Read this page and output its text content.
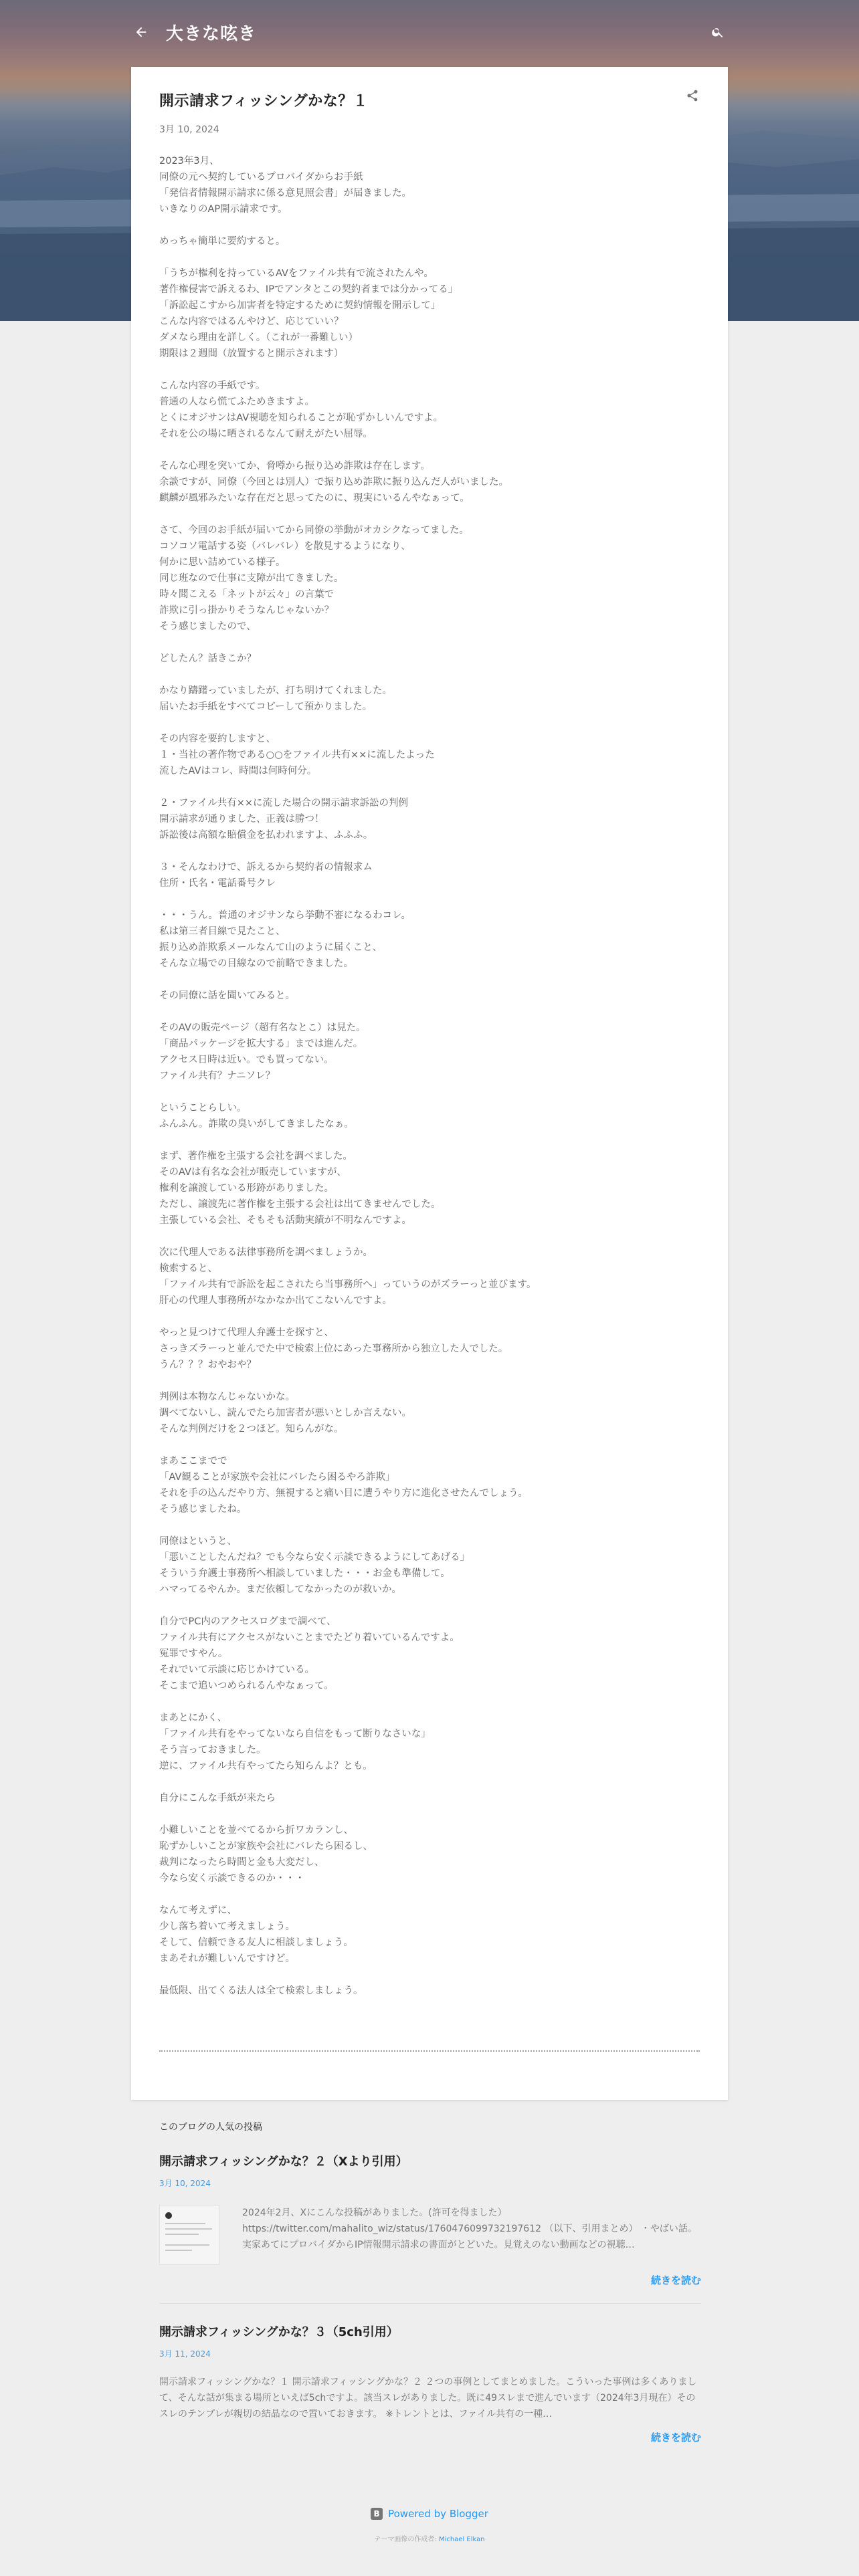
大きな呟き
開示請求フィッシングかな？１
3月 10, 2024
2023年3月、
同僚の元へ契約しているプロバイダからお手紙
「発信者情報開示請求に係る意見照会書」が届きました。
いきなりのAP開示請求です。

めっちゃ簡単に要約すると。

「うちが権利を持っているAVをファイル共有で流されたんや。
著作権侵害で訴えるわ、IPでアンタとこの契約者までは分かってる」
「訴訟起こすから加害者を特定するために契約情報を開示して」
こんな内容ではるんやけど、応じていい？
ダメなら理由を詳しく。（これが一番難しい）
期限は２週間（放置すると開示されます）

こんな内容の手紙です。
普通の人なら慌てふためきますよ。
とくにオジサンはAV視聴を知られることが恥ずかしいんですよ。
それを公の場に晒されるなんて耐えがたい屈辱。

そんな心理を突いてか、脅噂から振り込め詐欺は存在します。
余談ですが、同僚（今回とは別人）で振り込め詐欺に振り込んだ人がいました。
麒麟が風邪みたいな存在だと思ってたのに、現実にいるんやなぁって。

さて、今回のお手紙が届いてから同僚の挙動がオカシクなってました。
コソコソ電話する姿（バレバレ）を散見するようになり、
何かに思い詰めている様子。
同じ班なので仕事に支障が出てきました。
時々聞こえる「ネットが云々」の言葉で
詐欺に引っ掛かりそうなんじゃないか？
そう感じましたので、

どしたん？話きこか？

かなり躊躇っていましたが、打ち明けてくれました。
届いたお手紙をすべてコピーして預かりました。

その内容を要約しますと、
１・当社の著作物である○○をファイル共有××に流したよった
流したAVはコレ、時間は何時何分。

２・ファイル共有××に流した場合の開示請求訴訟の判例
開示請求が通りました、正義は勝つ！
訴訟後は高額な賠償金を払われますよ、ふふふ。

３・そんなわけで、訴えるから契約者の情報求ム
住所・氏名・電話番号クレ

・・・うん。普通のオジサンなら挙動不審になるわコレ。
私は第三者目線で見たこと、
振り込め詐欺系メールなんて山のように届くこと、
そんな立場での目線なので前略できました。

その同僚に話を聞いてみると。

そのAVの販売ページ（超有名なとこ）は見た。
「商品パッケージを拡大する」までは進んだ。
アクセス日時は近い。でも買ってない。
ファイル共有？ナニソレ？

ということらしい。
ふんふん。詐欺の臭いがしてきましたなぁ。

まず、著作権を主張する会社を調べました。
そのAVは有名な会社が販売していますが、
権利を譲渡している形跡がありました。
ただし、譲渡先に著作権を主張する会社は出てきませんでした。
主張している会社、そもそも活動実績が不明なんですよ。

次に代理人である法律事務所を調べましょうか。
検索すると、
「ファイル共有で訴訟を起こされたら当事務所へ」っていうのがズラーっと並びます。
肝心の代理人事務所がなかなか出てこないんですよ。

やっと見つけて代理人弁護士を探すと、
さっきズラーっと並んでた中で検索上位にあった事務所から独立した人でした。
うん？？？おやおや？

判例は本物なんじゃないかな。
調べてないし、読んでたら加害者が悪いとしか言えない。
そんな判例だけを２つほど。知らんがな。

まあここまでで
「AV観ることが家族や会社にバレたら困るやろ詐欺」
それを手の込んだやり方、無視すると痛い目に遭うやり方に進化させたんでしょう。
そう感じましたね。

同僚はというと、
「悪いことしたんだね？でも今なら安く示談できるようにしてあげる」
そういう弁護士事務所へ相談していました・・・お金も準備して。
ハマってるやんか。まだ依頼してなかったのが救いか。

自分でPC内のアクセスログまで調べて、
ファイル共有にアクセスがないことまでたどり着いているんですよ。
冤罪ですやん。
それでいて示談に応じかけている。
そこまで追いつめられるんやなぁって。

まあとにかく、
「ファイル共有をやってないなら自信をもって断りなさいな」
そう言っておきました。
逆に、ファイル共有やってたら知らんよ？とも。

自分にこんな手紙が来たら

小難しいことを並べてるから折ワカランし、
恥ずかしいことが家族や会社にバレたら困るし、
裁判になったら時間と金も大変だし、
今なら安く示談できるのか・・・

なんて考えずに、
少し落ち着いて考えましょう。
そして、信頼できる友人に相談しましょう。
まあそれが難しいんですけど。

最低限、出てくる法人は全て検索しましょう。
このブログの人気の投稿
開示請求フィッシングかな？２（Xより引用）
3月 10, 2024
2024年2月、Xにこんな投稿がありました。(許可を得ました） https://twitter.com/mahalito_wiz/status/1760476099732197612 （以下、引用まとめ） ・やばい話。実家あてにプロバイダからIP情報開示請求の書面がとどいた。見覚えのない動画などの視聴…
続きを読む
開示請求フィッシングかな？３（5ch引用）
3月 11, 2024
開示請求フィッシングかな？１ 開示請求フィッシングかな？２ ２つの事例としてまとめました。こういった事例は多くありまして、そんな話が集まる場所といえば5chですよ。該当スレがありました。既に49スレまで進んでいます（2024年3月現在）そのスレのテンプレが親切の結晶なので置いておきます。 ※トレントとは、ファイル共有の一種…
続きを読む
B Powered by Blogger
テーマ画像の作成者: Michael Elkan
